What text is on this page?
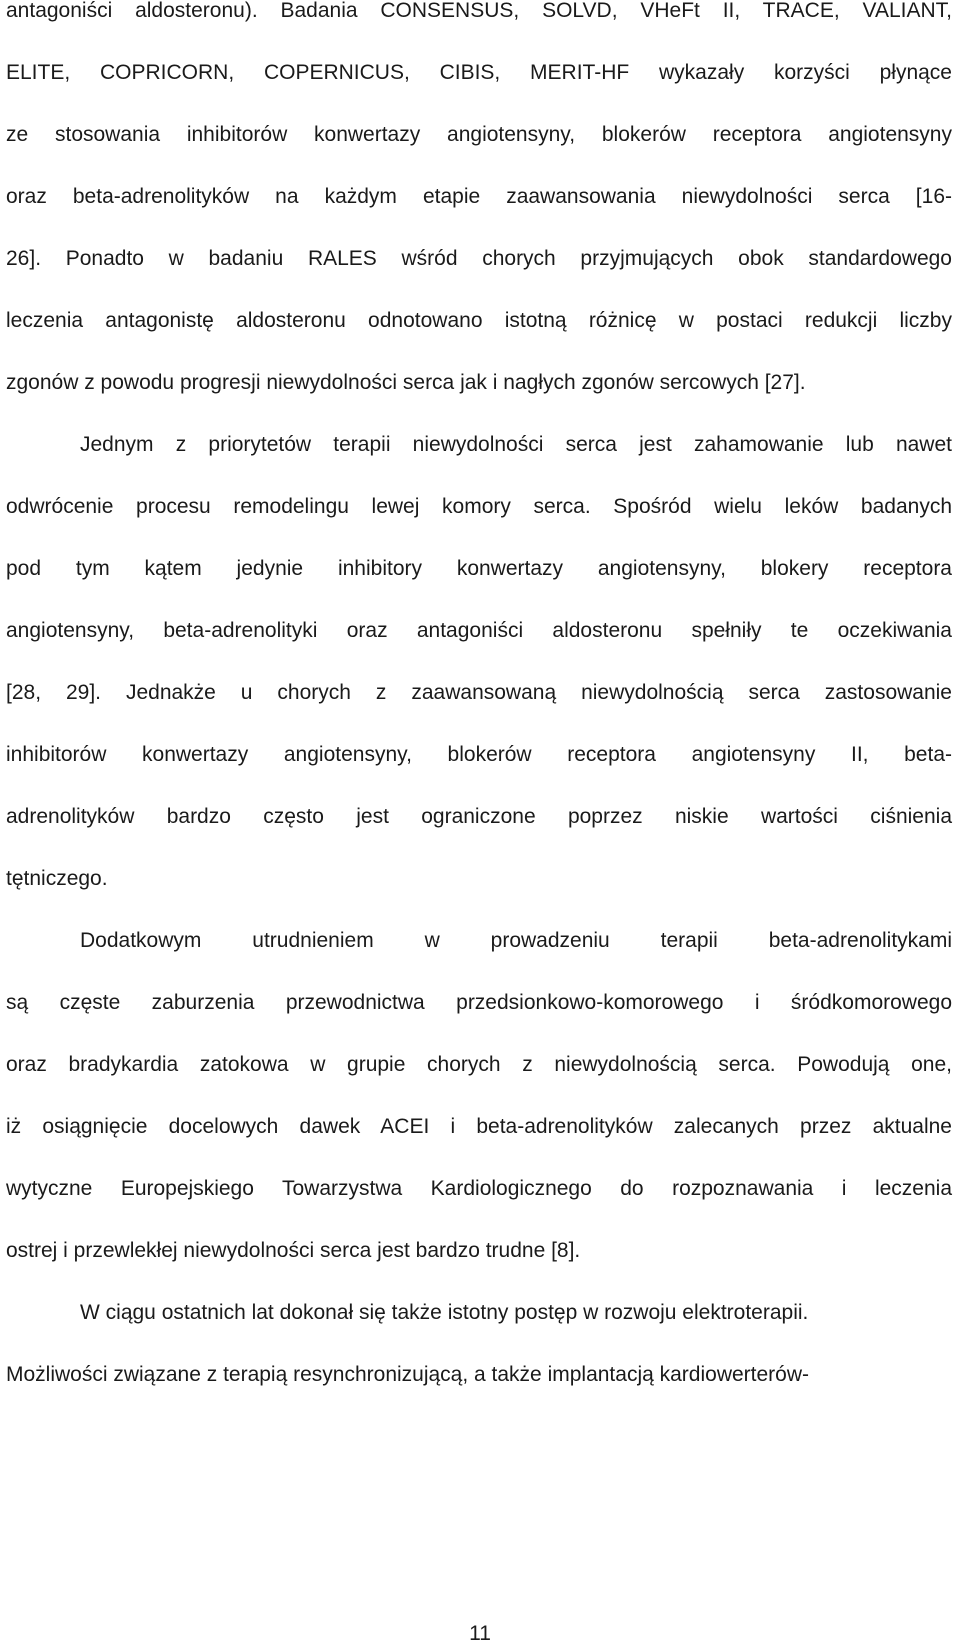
antagoniści aldosteronu). Badania CONSENSUS, SOLVD, VHeFt II, TRACE, VALIANT,

ELITE, COPRICORN, COPERNICUS, CIBIS, MERIT-HF wykazały korzyści płynące

ze stosowania inhibitorów konwertazy angiotensyny, blokerów receptora angiotensyny

oraz beta-adrenolityków na każdym etapie zaawansowania niewydolności serca [16-

26]. Ponadto w badaniu RALES wśród chorych przyjmujących obok standardowego

leczenia antagonistę aldosteronu odnotowano istotną różnicę w postaci redukcji liczby

zgonów z powodu progresji niewydolności serca jak i nagłych zgonów sercowych [27].

Jednym z priorytetów terapii niewydolności serca jest zahamowanie lub nawet

odwrócenie procesu remodelingu lewej komory serca. Spośród wielu leków badanych

pod tym kątem jedynie inhibitory konwertazy angiotensyny, blokery receptora

angiotensyny, beta-adrenolityki oraz antagoniści aldosteronu spełniły te oczekiwania

[28, 29]. Jednakże u chorych z zaawansowaną niewydolnością serca zastosowanie

inhibitorów konwertazy angiotensyny, blokerów receptora angiotensyny II, beta-

adrenolityków bardzo często jest ograniczone poprzez niskie wartości ciśnienia

tętniczego.

Dodatkowym utrudnieniem w prowadzeniu terapii beta-adrenolitykami

są częste zaburzenia przewodnictwa przedsionkowo-komorowego i śródkomorowego

oraz bradykardia zatokowa w grupie chorych z niewydolnością serca. Powodują one,

iż osiągnięcie docelowych dawek ACEI i beta-adrenolityków zalecanych przez aktualne

wytyczne Europejskiego Towarzystwa Kardiologicznego do rozpoznawania i leczenia

ostrej i przewlekłej niewydolności serca jest bardzo trudne [8].

W ciągu ostatnich lat dokonał się także istotny postęp w rozwoju elektroterapii.

Możliwości związane z terapią resynchronizującą, a także implantacją kardiowerterów-

11
